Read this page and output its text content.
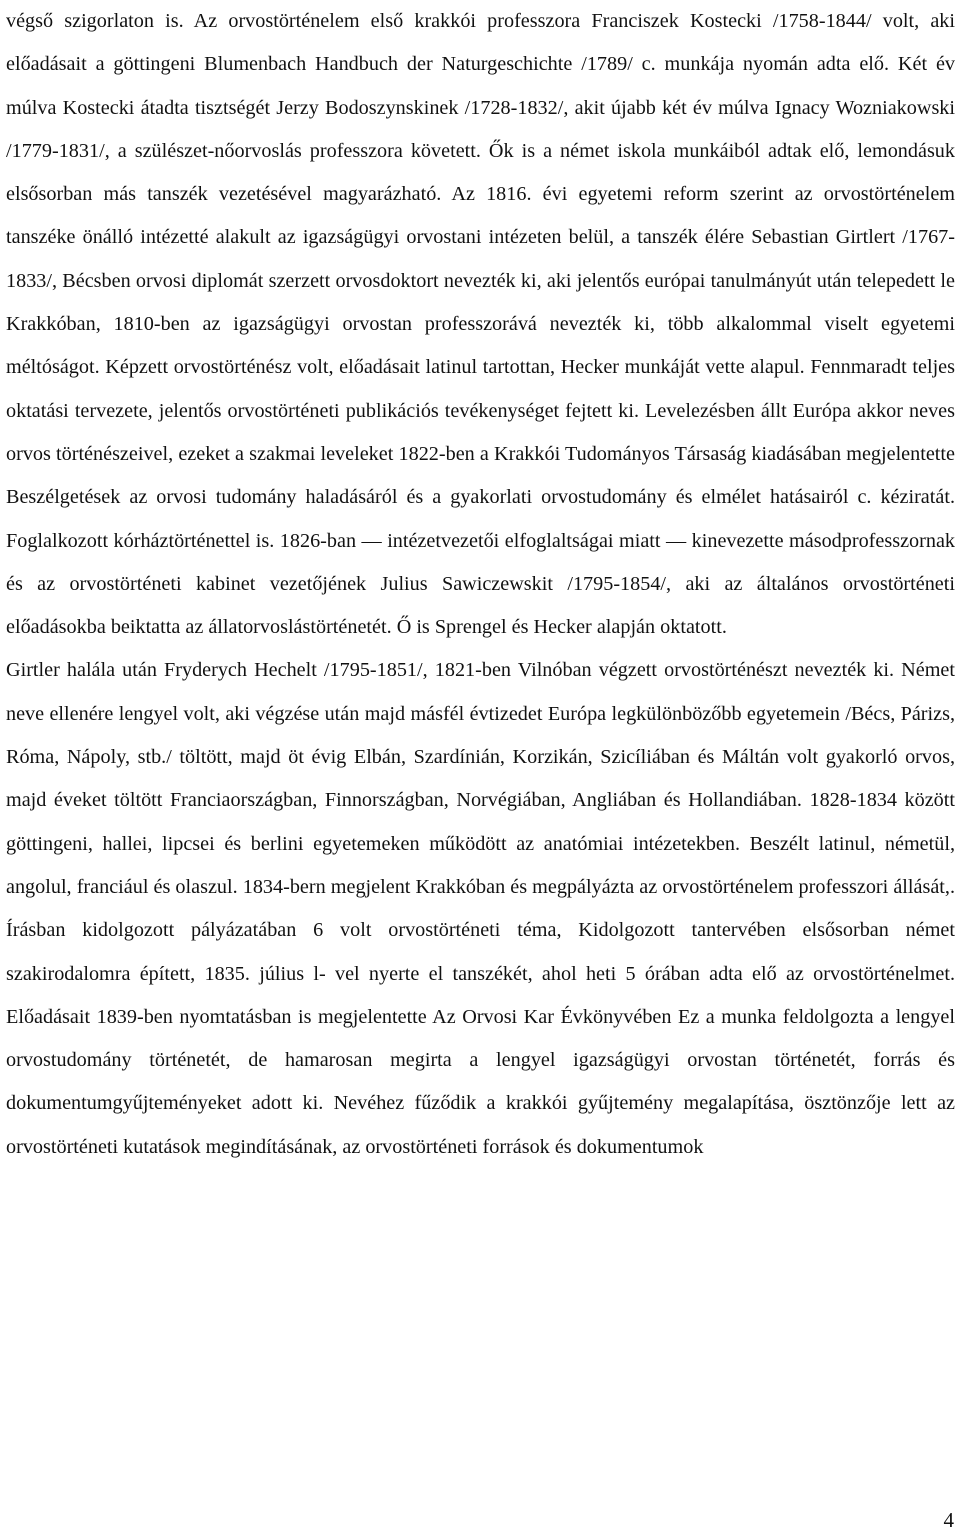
végső szigorlaton is. Az orvostörténelem első krakkói professzora Franciszek Kostecki /1758-1844/ volt, aki előadásait a göttingeni Blumenbach Handbuch der Naturgeschichte /1789/ c. munkája nyomán adta elő. Két év múlva Kostecki átadta tisztségét Jerzy Bodoszynskinek /1728-1832/, akit újabb két év múlva Ignacy Wozniakowski /1779-1831/, a szülészet-nőorvoslás professzora követett. Ők is a német iskola munkáiból adtak elő, lemondásuk elsősorban más tanszék vezetésével magyarázható. Az 1816. évi egyetemi reform szerint az orvostörténelem tanszéke önálló intézetté alakult az igazságügyi orvostani intézeten belül, a tanszék élére Sebastian Girtlert /1767-1833/, Bécsben orvosi diplomát szerzett orvosdoktort nevezték ki, aki jelentős európai tanulmányút után telepedett le Krakkóban, 1810-ben az igazságügyi orvostan professzorává nevezték ki, több alkalommal viselt egyetemi méltóságot. Képzett orvostörténész volt, előadásait latinul tartottan, Hecker munkáját vette alapul. Fennmaradt teljes oktatási tervezete, jelentős orvostörténeti publikációs tevékenységet fejtett ki. Levelezésben állt Európa akkor neves orvos történészeivel, ezeket a szakmai leveleket 1822-ben a Krakkói Tudományos Társaság kiadásában megjelentette Beszélgetések az orvosi tudomány haladásáról és a gyakorlati orvostudomány és elmélet hatásairól c. kéziratát. Foglalkozott kórháztörténettel is. 1826-ban — intézetvezetői elfoglaltságai miatt — kinevezette másodprofesszornak és az orvostörténeti kabinet vezetőjének Julius Sawiczewskit /1795-1854/, aki az általános orvostörténeti előadásokba beiktatta az állatorvoslástörténetét. Ő is Sprengel és Hecker alapján oktatott.

Girtler halála után Fryderych Hechelt /1795-1851/, 1821-ben Vilnóban végzett orvostörténészt nevezték ki. Német neve ellenére lengyel volt, aki végzése után majd másfél évtizedet Európa legkülönbözőbb egyetemein /Bécs, Párizs, Róma, Nápoly, stb./ töltött, majd öt évig Elbán, Szardínián, Korzikán, Szicíliában és Máltán volt gyakorló orvos, majd éveket töltött Franciaországban, Finnországban, Norvégiában, Angliában és Hollandiában. 1828-1834 között göttingeni, hallei, lipcsei és berlini egyetemeken működött az anatómiai intézetekben. Beszélt latinul, németül, angolul, franciául és olaszul. 1834-bern megjelent Krakkóban és megpályázta az orvostörténelem professzori állását,. Írásban kidolgozott pályázatában 6 volt orvostörténeti téma, Kidolgozott tantervében elsősorban német szakirodalomra épített, 1835. július l- vel nyerte el tanszékét, ahol heti 5 órában adta elő az orvostörténelmet. Előadásait 1839-ben nyomtatásban is megjelentette Az Orvosi Kar Évkönyvében Ez a munka feldolgozta a lengyel orvostudomány történetét, de hamarosan megirta a lengyel igazságügyi orvostan történetét, forrás és dokumentumgyűjteményeket adott ki. Nevéhez fűződik a krakkói gyűjtemény megalapítása, ösztönzője lett az orvostörténeti kutatások megindításának, az orvostörténeti források és dokumentumok

4
